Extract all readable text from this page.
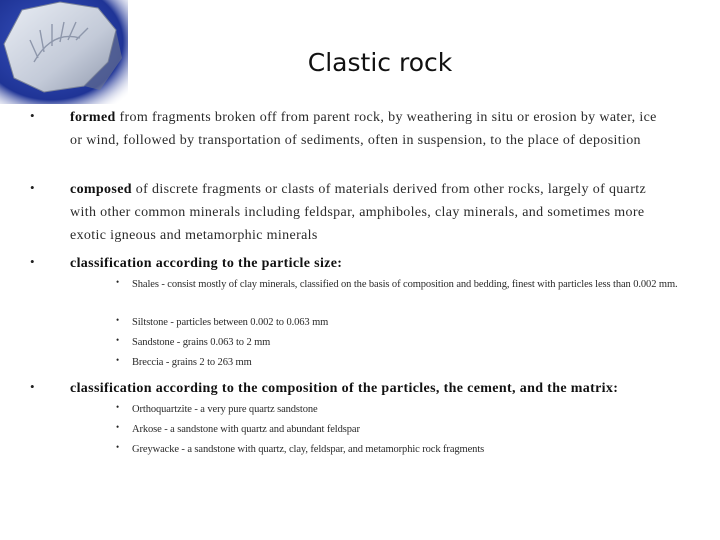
Clastic rock
•	formed from fragments broken off from parent rock, by weathering in situ or erosion by water, ice or wind, followed by transportation of sediments, often in suspension, to the place of deposition
•	composed of discrete fragments or clasts of materials derived from other rocks, largely of quartz with other common minerals including feldspar, amphiboles, clay minerals, and sometimes more exotic igneous and metamorphic minerals
•	classification according to the particle size:
• Shales - consist mostly of clay minerals, classified on the basis of composition and bedding, finest with particles less than 0.002 mm.
• Siltstone - particles between 0.002 to 0.063 mm
• Sandstone - grains 0.063 to 2 mm
• Breccia - grains 2 to 263 mm
•	classification according to the composition of the particles, the cement, and the matrix:
• Orthoquartzite - a very pure quartz sandstone
• Arkose - a sandstone with quartz and abundant feldspar
• Greywacke - a sandstone with quartz, clay, feldspar, and metamorphic rock fragments
